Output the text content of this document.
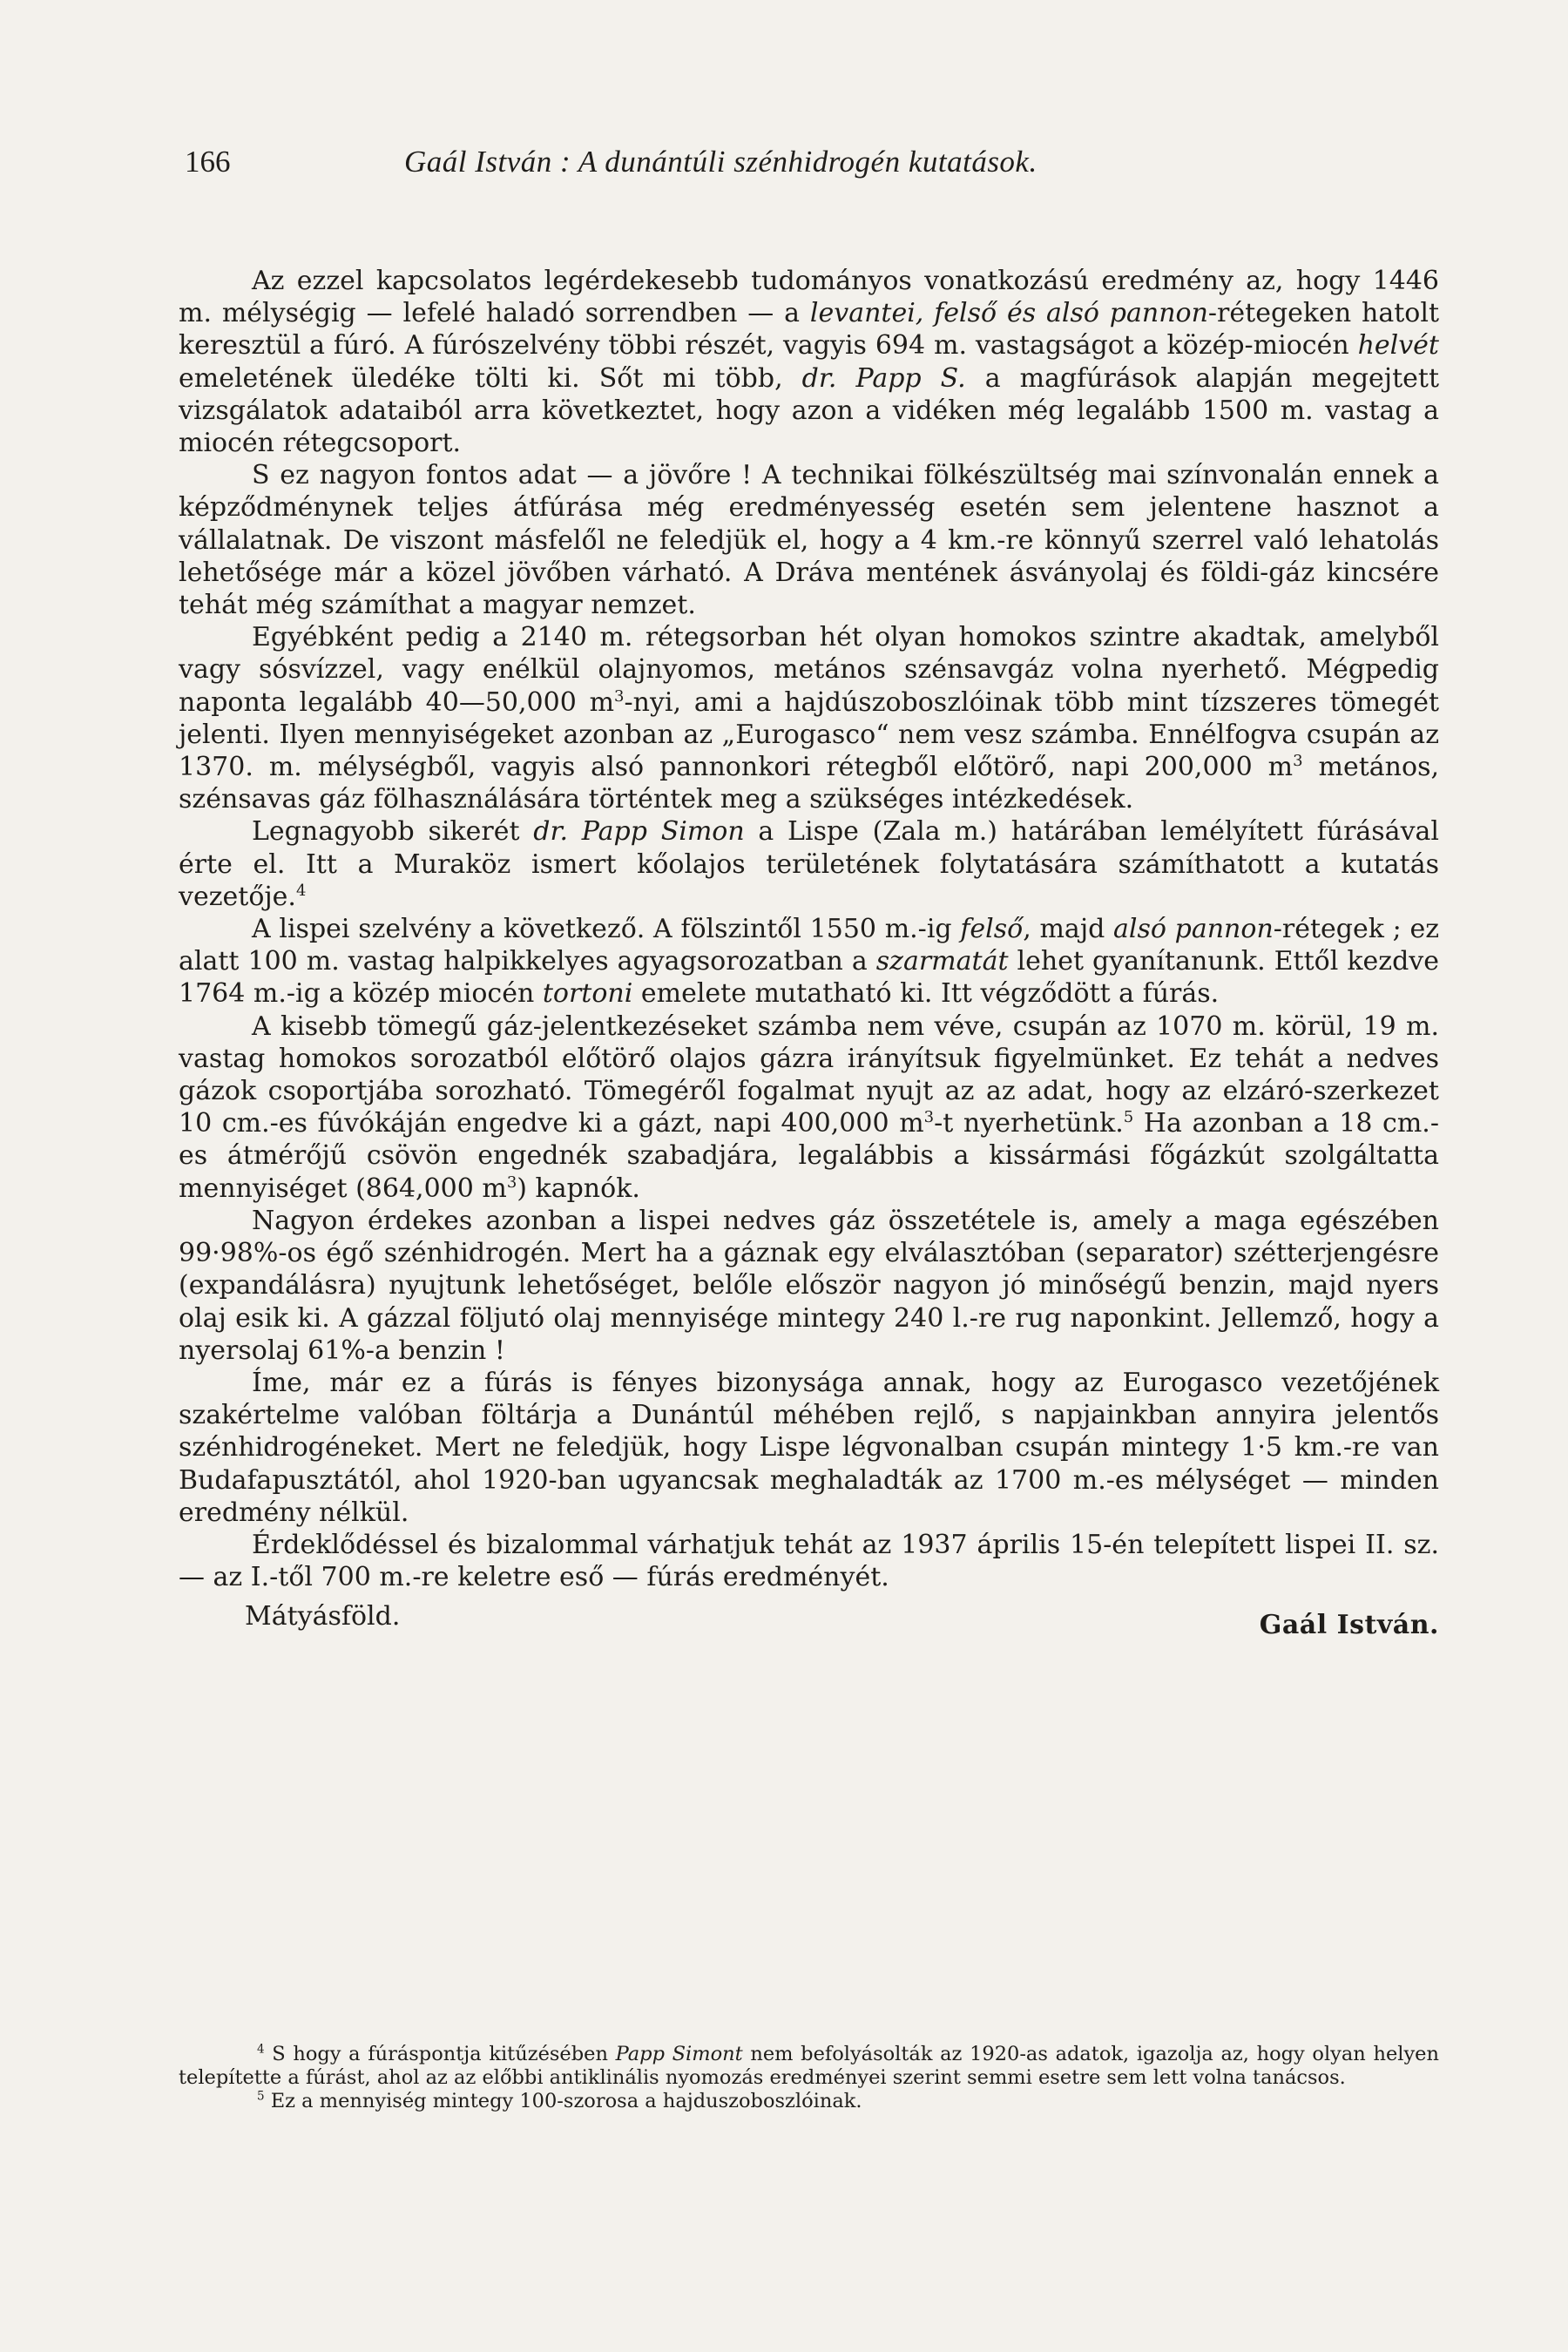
166	Gaál István : A dunántúli szénhidrogén kutatások.

Az ezzel kapcsolatos legérdekesebb tudományos vonatkozású eredmény az, hogy 1446 m. mélységig — lefelé haladó sorrendben — a levantei, felső és alsó pannon-rétegeken hatolt keresztül a fúró. A fúrószelvény többi részét, vagyis 694 m. vastagságot a közép-miocén helvét emeletének üledéke tölti ki. Sőt mi több, dr. Papp S. a magfúrások alapján megejtett vizsgálatok adataiból arra következtet, hogy azon a vidéken még legalább 1500 m. vastag a miocén rétegcsoport.

S ez nagyon fontos adat — a jövőre ! A technikai fölkészültség mai színvonalán ennek a képződménynek teljes átfúrása még eredményesség esetén sem jelentene hasznot a vállalatnak. De viszont másfelől ne feledjük el, hogy a 4 km.-re könnyű szerrel való lehatolás lehetősége már a közel jövőben várható. A Dráva mentének ásványolaj és földi-gáz kincsére tehát még számíthat a magyar nemzet.

Egyébként pedig a 2140 m. rétegsorban hét olyan homokos szintre akadtak, amelyből vagy sósvízzel, vagy enélkül olajnyomos, metános szénsavgáz volna nyerhető. Mégpedig naponta legalább 40—50,000 $m^3$-nyi, ami a hajdúszoboszlóinak több mint tízszeres tömegét jelenti. Ilyen mennyiségeket azonban az „Eurogasco“ nem vesz számba. Ennélfogva csupán az 1370. m. mélységből, vagyis alsó pannonkori rétegből előtörő, napi 200,000 $m^3$ metános, szénsavas gáz fölhasználására történtek meg a szükséges intézkedések.

Legnagyobb sikerét dr. Papp Simon a Lispe (Zala m.) határában lemélyített fúrásával érte el. Itt a Muraköz ismert kőolajos területének folytatására számíthatott a kutatás vezetője.$^4$

A lispei szelvény a következő. A fölszintől 1550 m.-ig felső, majd alsó pannon-rétegek ; ez alatt 100 m. vastag halpikkelyes agyagsorozatban a szarmatát lehet gyanítanunk. Ettől kezdve 1764 m.-ig a közép miocén tortoni emelete mutatható ki. Itt végződött a fúrás.

A kisebb tömegű gáz-jelentkezéseket számba nem véve, csupán az 1070 m. körül, 19 m. vastag homokos sorozatból előtörő olajos gázra irányítsuk figyelmünket. Ez tehát a nedves gázok csoportjába sorozható. Tömegéről fogalmat nyujt az az adat, hogy az elzáró-szerkezet 10 cm.-es fúvókáján engedve ki a gázt, napi 400,000 $m^3-t$ nyerhetünk.$^5$ Ha azonban a 18 cm.-es átmérőjű csövön engednék szabadjára, legalábbis a kissármási főgázkút szolgáltatta mennyiséget (864,000 $m^3$) kapnók.

Nagyon érdekes azonban a lispei nedves gáz összetétele is, amely a maga egészében 99·98%-os égő szénhidrogén. Mert ha a gáznak egy elválasztóban (separator) szétterjengésre (expandálásra) nyujtunk lehetőséget, belőle először nagyon jó minőségű benzin, majd nyers olaj esik ki. A gázzal följutó olaj mennyisége mintegy 240 l.-re rug naponkint. Jellemző, hogy a nyersolaj 61%-a benzin !

Íme, már ez a fúrás is fényes bizonysága annak, hogy az Eurogasco vezetőjének szakértelme valóban föltárja a Dunántúl méhében rejlő, s napjainkban annyira jelentős szénhidrogéneket. Mert ne feledjük, hogy Lispe légvonalban csupán mintegy 1·5 km.-re van Budafapusztától, ahol 1920-ban ugyancsak meghaladták az 1700 m.-es mélységet — minden eredmény nélkül.

Érdeklődéssel és bizalommal várhatjuk tehát az 1937 április 15-én telepített lispei II. sz. — az I.-től 700 m.-re keletre eső — fúrás eredményét.

Mátyásföld.	Gaál István.

$^4$ S hogy a fúráspontja kitűzésében Papp Simont nem befolyásolták az 1920-as adatok, igazolja az, hogy olyan helyen telepítette a fúrást, ahol az az előbbi antiklinális nyomozás eredményei szerint semmi esetre sem lett volna tanácsos.

$^5$ Ez a mennyiség mintegy 100-szorosa a hajduszoboszlóinak.
